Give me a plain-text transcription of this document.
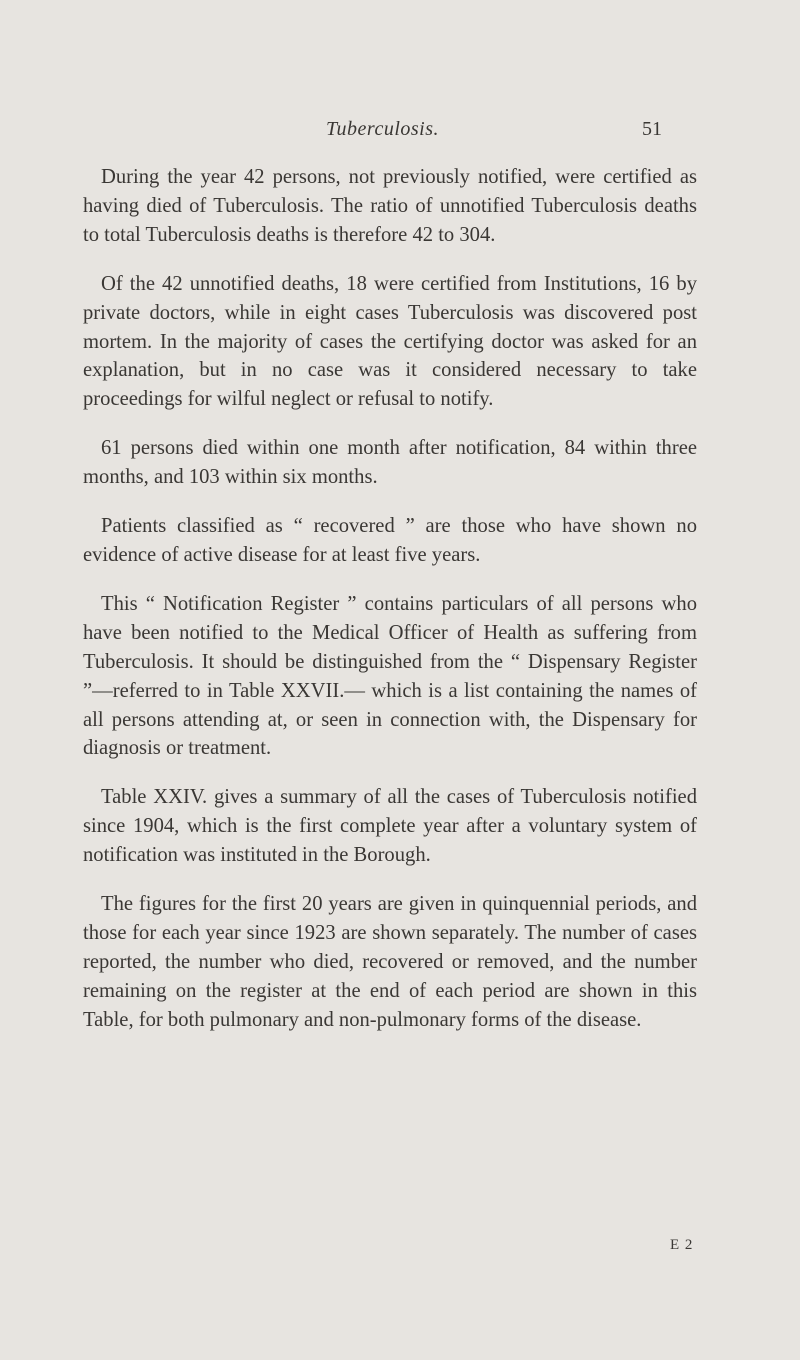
Tuberculosis.	51

During the year 42 persons, not previously notified, were certified as having died of Tuberculosis. The ratio of unnotified Tuberculosis deaths to total Tuberculosis deaths is therefore 42 to 304.

Of the 42 unnotified deaths, 18 were certified from Institutions, 16 by private doctors, while in eight cases Tuberculosis was discovered post mortem. In the majority of cases the certifying doctor was asked for an explanation, but in no case was it considered necessary to take proceedings for wilful neglect or refusal to notify.

61 persons died within one month after notification, 84 within three months, and 103 within six months.

Patients classified as “ recovered ” are those who have shown no evidence of active disease for at least five years.

This “ Notification Register ” contains particulars of all persons who have been notified to the Medical Officer of Health as suffering from Tuberculosis. It should be distinguished from the “ Dispensary Register ”—referred to in Table XXVII.— which is a list containing the names of all persons attending at, or seen in connection with, the Dispensary for diagnosis or treatment.

Table XXIV. gives a summary of all the cases of Tuberculosis notified since 1904, which is the first complete year after a voluntary system of notification was instituted in the Borough.

The figures for the first 20 years are given in quinquennial periods, and those for each year since 1923 are shown separately. The number of cases reported, the number who died, recovered or removed, and the number remaining on the register at the end of each period are shown in this Table, for both pulmonary and non-pulmonary forms of the disease.

E 2
